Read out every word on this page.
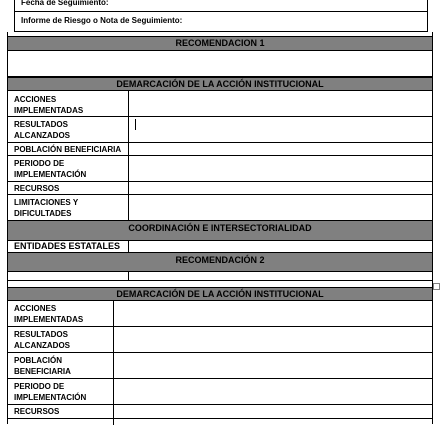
Fecha de Seguimiento:
Informe de Riesgo o Nota de Seguimiento:
RECOMENDACION 1
DEMARCACIÓN DE LA ACCIÓN INSTITUCIONAL
ACCIONES
IMPLEMENTADAS
RESULTADOS
ALCANZADOS
POBLACIÓN BENEFICIARIA
PERIODO DE
IMPLEMENTACIÓN
RECURSOS
LIMITACIONES Y
DIFICULTADES
COORDINACIÓN E INTERSECTORIALIDAD
ENTIDADES ESTATALES
RECOMENDACIÓN 2
DEMARCACIÓN DE LA ACCIÓN INSTITUCIONAL
ACCIONES
IMPLEMENTADAS
RESULTADOS
ALCANZADOS
POBLACIÓN
BENEFICIARIA
PERIODO DE
IMPLEMENTACIÓN
RECURSOS
